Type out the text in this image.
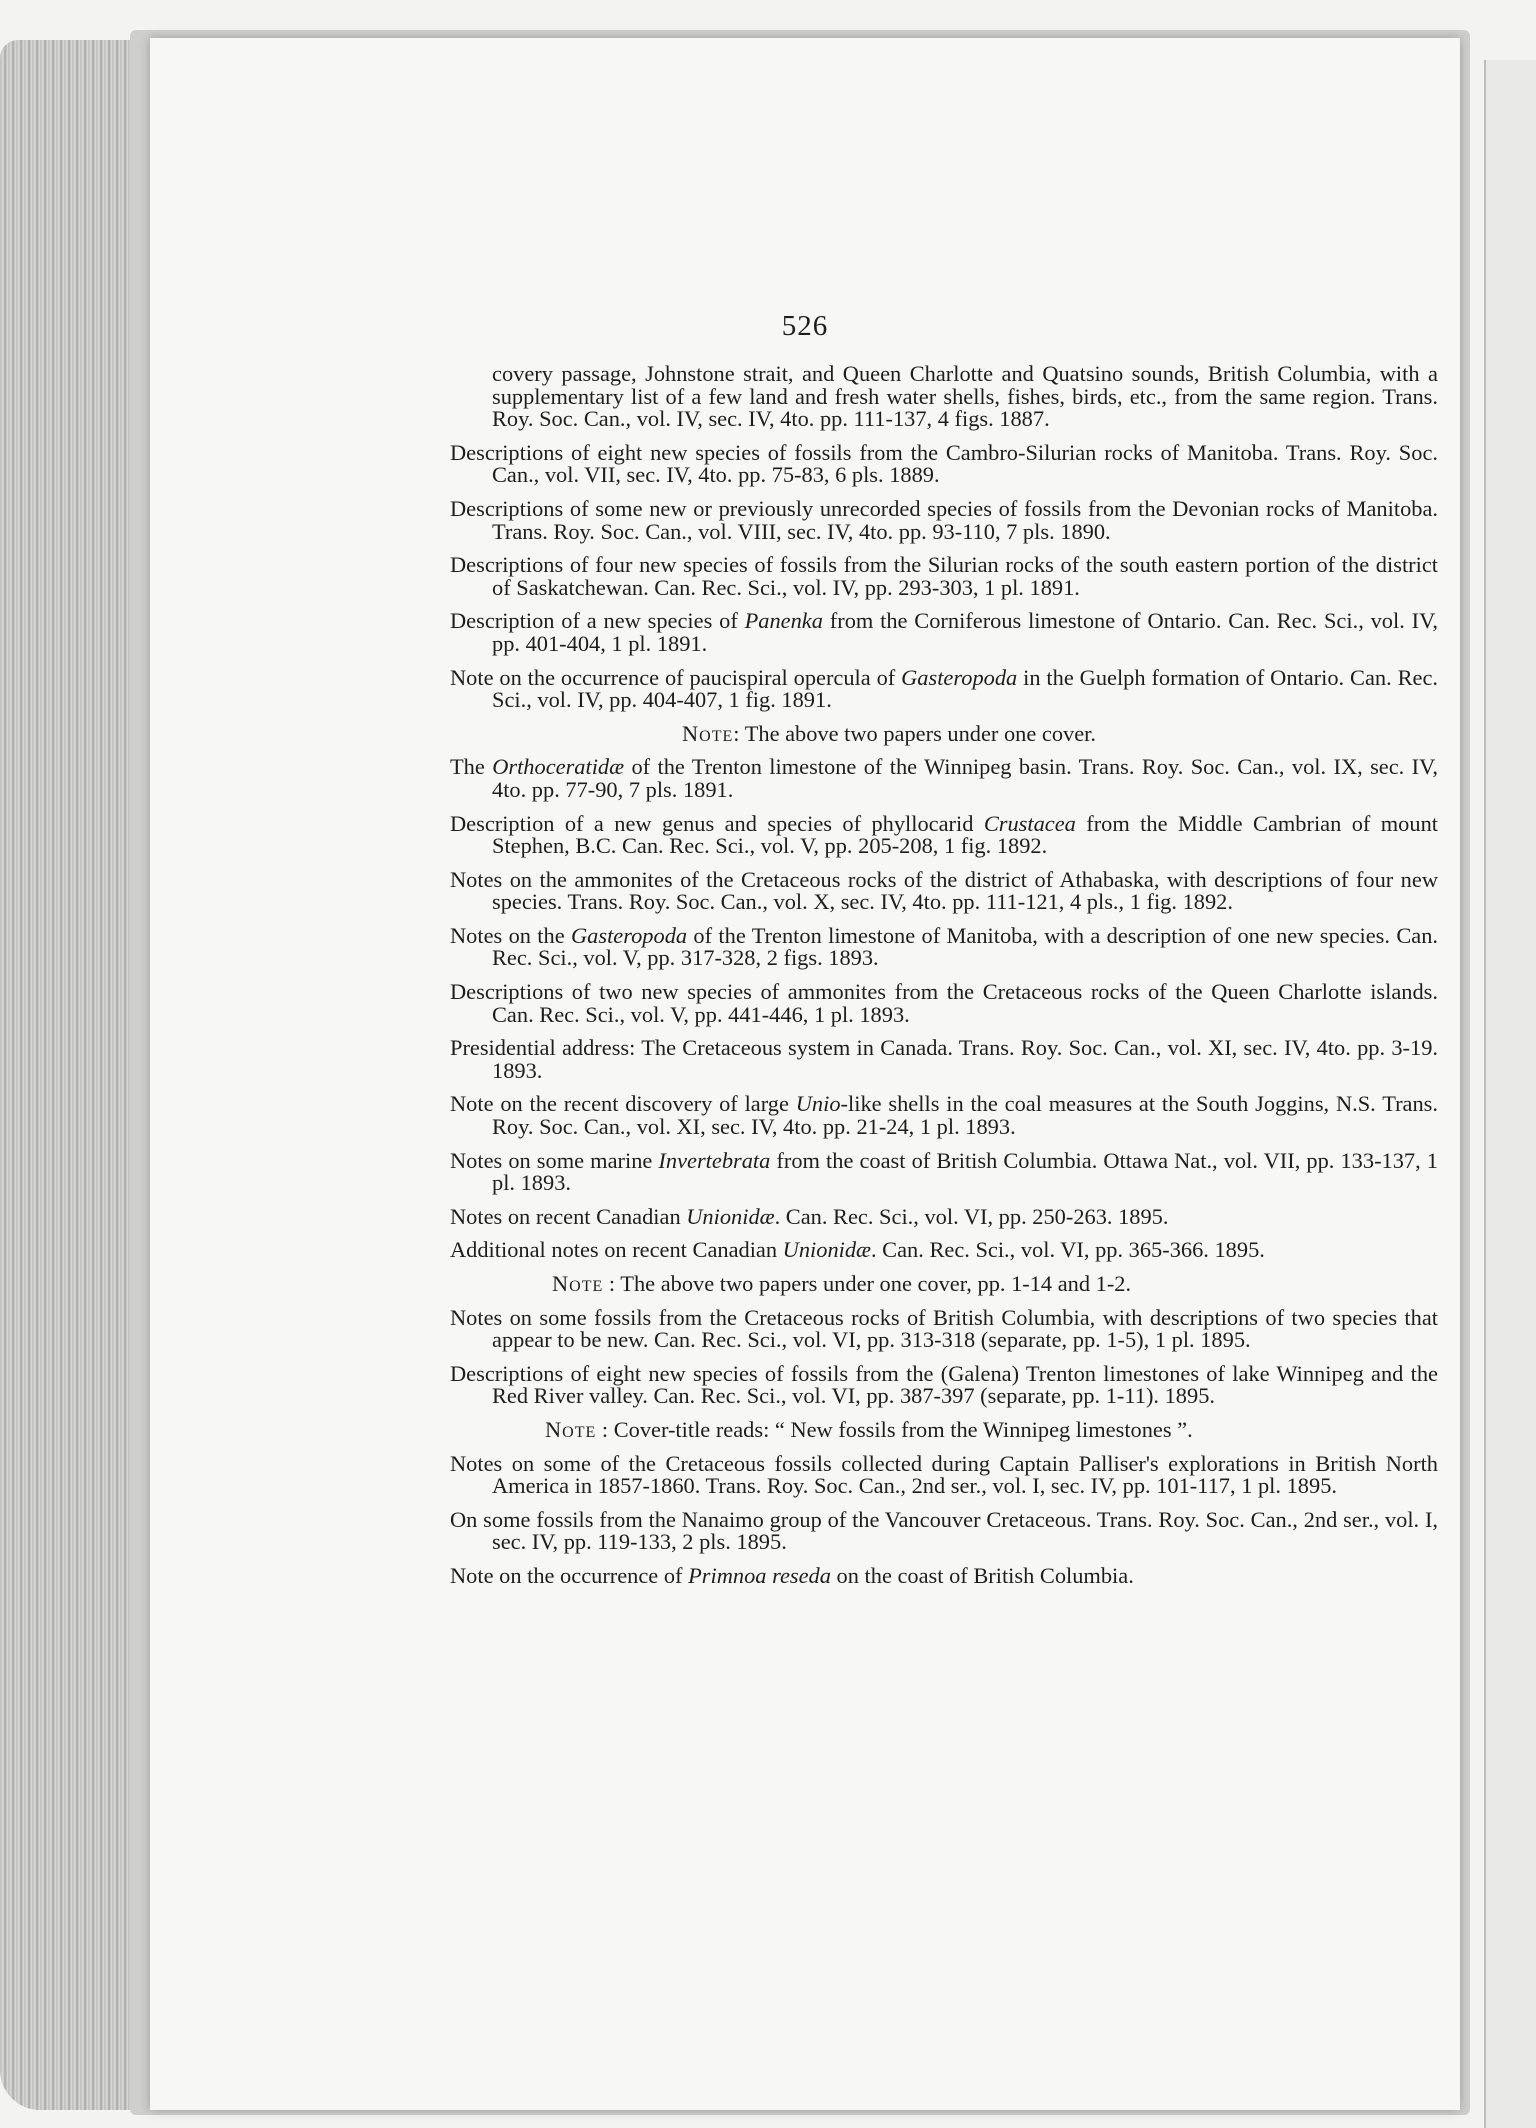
526

covery passage, Johnstone strait, and Queen Charlotte and Quatsino sounds, British Columbia, with a supplementary list of a few land and fresh water shells, fishes, birds, etc., from the same region. Trans. Roy. Soc. Can., vol. IV, sec. IV, 4to. pp. 111-137, 4 figs. 1887.

Descriptions of eight new species of fossils from the Cambro-Silurian rocks of Manitoba. Trans. Roy. Soc. Can., vol. VII, sec. IV, 4to. pp. 75-83, 6 pls. 1889.

Descriptions of some new or previously unrecorded species of fossils from the Devonian rocks of Manitoba. Trans. Roy. Soc. Can., vol. VIII, sec. IV, 4to. pp. 93-110, 7 pls. 1890.

Descriptions of four new species of fossils from the Silurian rocks of the south eastern portion of the district of Saskatchewan. Can. Rec. Sci., vol. IV, pp. 293-303, 1 pl. 1891.

Description of a new species of Panenka from the Corniferous limestone of Ontario. Can. Rec. Sci., vol. IV, pp. 401-404, 1 pl. 1891.

Note on the occurrence of paucispiral opercula of Gasteropoda in the Guelph formation of Ontario. Can. Rec. Sci., vol. IV, pp. 404-407, 1 fig. 1891.

Note: The above two papers under one cover.

The Orthoceratidæ of the Trenton limestone of the Winnipeg basin. Trans. Roy. Soc. Can., vol. IX, sec. IV, 4to. pp. 77-90, 7 pls. 1891.

Description of a new genus and species of phyllocarid Crustacea from the Middle Cambrian of mount Stephen, B.C. Can. Rec. Sci., vol. V, pp. 205-208, 1 fig. 1892.

Notes on the ammonites of the Cretaceous rocks of the district of Athabaska, with descriptions of four new species. Trans. Roy. Soc. Can., vol. X, sec. IV, 4to. pp. 111-121, 4 pls., 1 fig. 1892.

Notes on the Gasteropoda of the Trenton limestone of Manitoba, with a description of one new species. Can. Rec. Sci., vol. V, pp. 317-328, 2 figs. 1893.

Descriptions of two new species of ammonites from the Cretaceous rocks of the Queen Charlotte islands. Can. Rec. Sci., vol. V, pp. 441-446, 1 pl. 1893.

Presidential address: The Cretaceous system in Canada. Trans. Roy. Soc. Can., vol. XI, sec. IV, 4to. pp. 3-19. 1893.

Note on the recent discovery of large Unio-like shells in the coal measures at the South Joggins, N.S. Trans. Roy. Soc. Can., vol. XI, sec. IV, 4to. pp. 21-24, 1 pl. 1893.

Notes on some marine Invertebrata from the coast of British Columbia. Ottawa Nat., vol. VII, pp. 133-137, 1 pl. 1893.

Notes on recent Canadian Unionidæ. Can. Rec. Sci., vol. VI, pp. 250-263. 1895.

Additional notes on recent Canadian Unionidæ. Can. Rec. Sci., vol. VI, pp. 365-366. 1895.

Note : The above two papers under one cover, pp. 1-14 and 1-2.

Notes on some fossils from the Cretaceous rocks of British Columbia, with descriptions of two species that appear to be new. Can. Rec. Sci., vol. VI, pp. 313-318 (separate, pp. 1-5), 1 pl. 1895.

Descriptions of eight new species of fossils from the (Galena) Trenton limestones of lake Winnipeg and the Red River valley. Can. Rec. Sci., vol. VI, pp. 387-397 (separate, pp. 1-11). 1895.

Note : Cover-title reads: “ New fossils from the Winnipeg limestones ”.

Notes on some of the Cretaceous fossils collected during Captain Palliser's explorations in British North America in 1857-1860. Trans. Roy. Soc. Can., 2nd ser., vol. I, sec. IV, pp. 101-117, 1 pl. 1895.

On some fossils from the Nanaimo group of the Vancouver Cretaceous. Trans. Roy. Soc. Can., 2nd ser., vol. I, sec. IV, pp. 119-133, 2 pls. 1895.

Note on the occurrence of Primnoa reseda on the coast of British Columbia.
